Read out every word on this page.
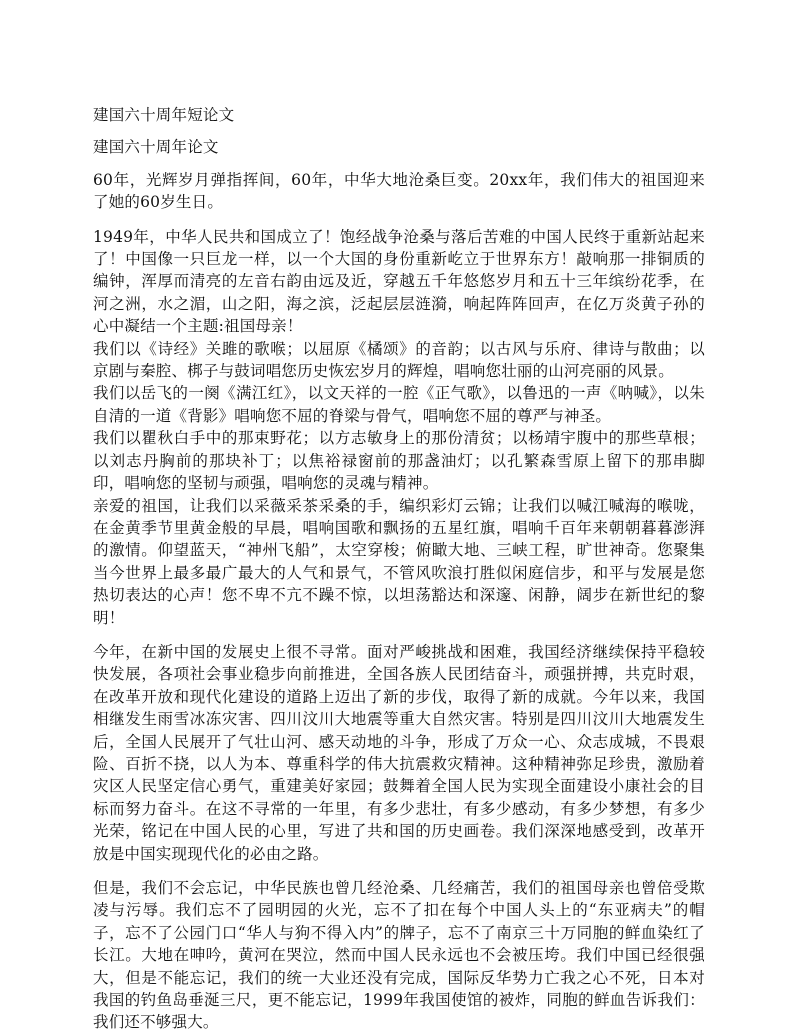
建国六十周年短论文

建国六十周年论文

60年，光辉岁月弹指挥间，60年，中华大地沧桑巨变。20xx年，我们伟大的祖国迎来了她的60岁生日。

1949年，中华人民共和国成立了！饱经战争沧桑与落后苦难的中国人民终于重新站起来了！中国像一只巨龙一样，以一个大国的身份重新屹立于世界东方！敲响那一排铜质的编钟，浑厚而清亮的左音右韵由远及近，穿越五千年悠悠岁月和五十三年缤纷花季，在河之洲，水之湄，山之阳，海之滨，泛起层层涟漪，响起阵阵回声，在亿万炎黄子孙的心中凝结一个主题:祖国母亲！

我们以《诗经》关雎的歌喉；以屈原《橘颂》的音韵；以古风与乐府、律诗与散曲；以京剧与秦腔、梆子与鼓词唱您历史恢宏岁月的辉煌，唱响您壮丽的山河亮丽的风景。

我们以岳飞的一阕《满江红》，以文天祥的一腔《正气歌》，以鲁迅的一声《呐喊》，以朱自清的一道《背影》唱响您不屈的脊梁与骨气，唱响您不屈的尊严与神圣。

我们以瞿秋白手中的那束野花；以方志敏身上的那份清贫；以杨靖宇腹中的那些草根；以刘志丹胸前的那块补丁；以焦裕禄窗前的那盏油灯；以孔繁森雪原上留下的那串脚印，唱响您的坚韧与顽强，唱响您的灵魂与精神。

亲爱的祖国，让我们以采薇采茶采桑的手，编织彩灯云锦；让我们以喊江喊海的喉咙，在金黄季节里黄金般的早晨，唱响国歌和飘扬的五星红旗，唱响千百年来朝朝暮暮澎湃的激情。仰望蓝天，“神州飞船”，太空穿梭；俯瞰大地、三峡工程，旷世神奇。您聚集当今世界上最多最广最大的人气和景气，不管风吹浪打胜似闲庭信步，和平与发展是您热切表达的心声！您不卑不亢不躁不惊，以坦荡豁达和深邃、闲静，阔步在新世纪的黎明！

今年，在新中国的发展史上很不寻常。面对严峻挑战和困难，我国经济继续保持平稳较快发展，各项社会事业稳步向前推进，全国各族人民团结奋斗，顽强拼搏，共克时艰，在改革开放和现代化建设的道路上迈出了新的步伐，取得了新的成就。今年以来，我国相继发生雨雪冰冻灾害、四川汶川大地震等重大自然灾害。特别是四川汶川大地震发生后，全国人民展开了气壮山河、感天动地的斗争，形成了万众一心、众志成城，不畏艰险、百折不挠，以人为本、尊重科学的伟大抗震救灾精神。这种精神弥足珍贵，激励着灾区人民坚定信心勇气，重建美好家园；鼓舞着全国人民为实现全面建设小康社会的目标而努力奋斗。在这不寻常的一年里，有多少悲壮，有多少感动，有多少梦想，有多少光荣，铭记在中国人民的心里，写进了共和国的历史画卷。我们深深地感受到，改革开放是中国实现现代化的必由之路。

但是，我们不会忘记，中华民族也曾几经沧桑、几经痛苦，我们的祖国母亲也曾倍受欺凌与污辱。我们忘不了园明园的火光，忘不了扣在每个中国人头上的“东亚病夫”的帽子，忘不了公园门口“华人与狗不得入内”的牌子，忘不了南京三十万同胞的鲜血染红了长江。大地在呻吟，黄河在哭泣，然而中国人民永远也不会被压垮。我们中国已经很强大，但是不能忘记，我们的统一大业还没有完成，国际反华势力亡我之心不死，日本对我国的钓鱼岛垂涎三尺，更不能忘记，1999年我国使馆的被炸，同胞的鲜血告诉我们：我们还不够强大。
